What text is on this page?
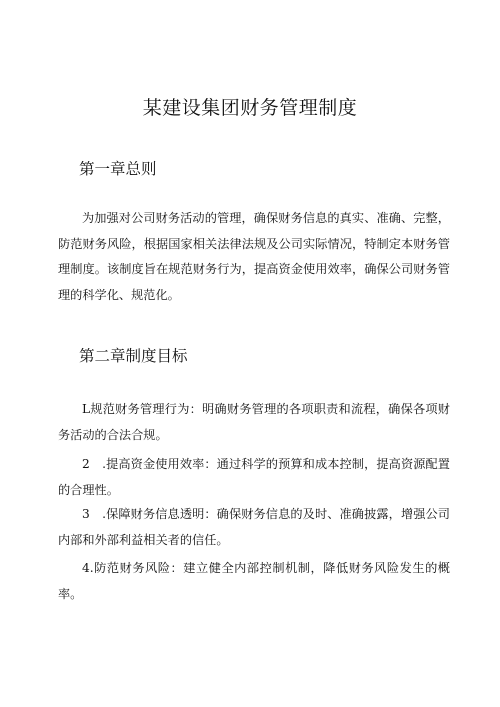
某建设集团财务管理制度
第一章总则

为加强对公司财务活动的管理，确保财务信息的真实、准确、完整，防范财务风险，根据国家相关法律法规及公司实际情况，特制定本财务管理制度。该制度旨在规范财务行为，提高资金使用效率，确保公司财务管理的科学化、规范化。

第二章制度目标

L规范财务管理行为：明确财务管理的各项职责和流程，确保各项财务活动的合法合规。

2　.提高资金使用效率：通过科学的预算和成本控制，提高资源配置的合理性。

3　.保障财务信息透明：确保财务信息的及时、准确披露，增强公司内部和外部利益相关者的信任。

4.防范财务风险：建立健全内部控制机制，降低财务风险发生的概率。
